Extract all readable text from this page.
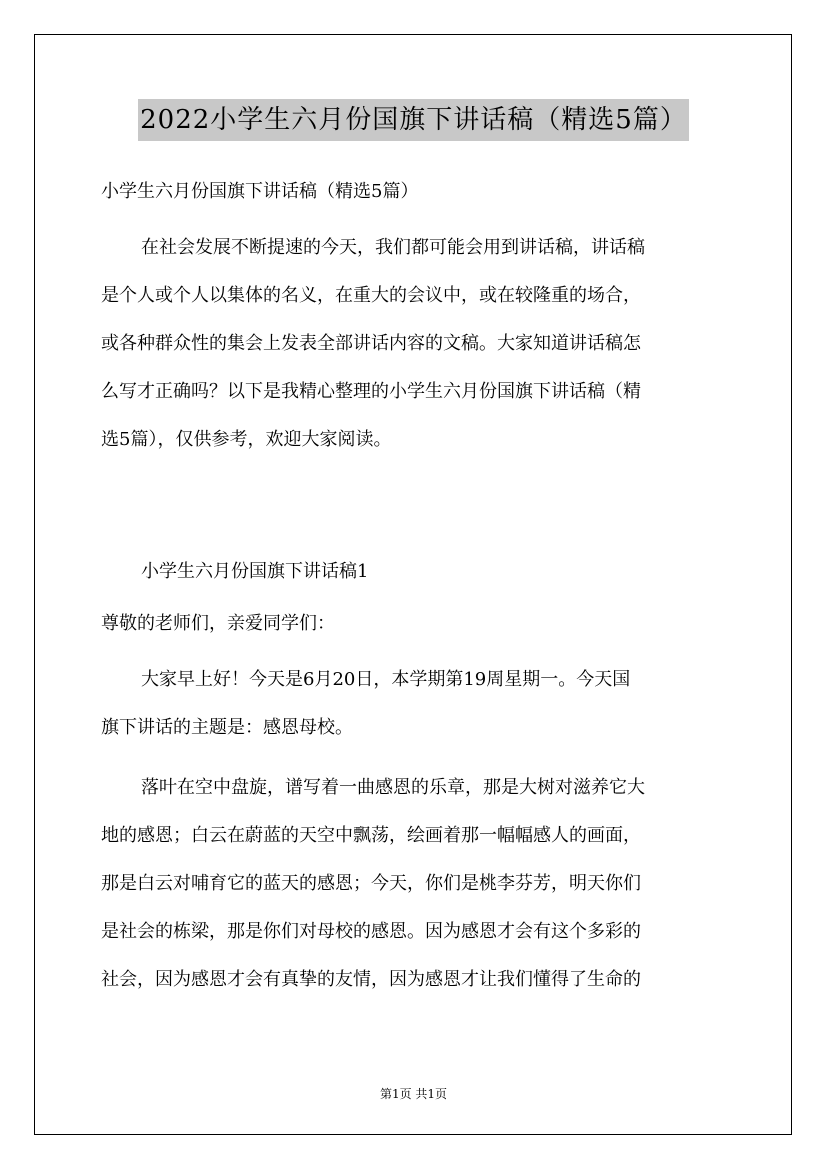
2022小学生六月份国旗下讲话稿（精选5篇）

小学生六月份国旗下讲话稿（精选5篇）

在社会发展不断提速的今天，我们都可能会用到讲话稿，讲话稿
是个人或个人以集体的名义，在重大的会议中，或在较隆重的场合，
或各种群众性的集会上发表全部讲话内容的文稿。大家知道讲话稿怎
么写才正确吗？以下是我精心整理的小学生六月份国旗下讲话稿（精
选5篇），仅供参考，欢迎大家阅读。

小学生六月份国旗下讲话稿1

尊敬的老师们，亲爱同学们：

大家早上好！今天是6月20日，本学期第19周星期一。今天国
旗下讲话的主题是：感恩母校。

落叶在空中盘旋，谱写着一曲感恩的乐章，那是大树对滋养它大
地的感恩；白云在蔚蓝的天空中飘荡，绘画着那一幅幅感人的画面，
那是白云对哺育它的蓝天的感恩；今天，你们是桃李芬芳，明天你们
是社会的栋梁，那是你们对母校的感恩。因为感恩才会有这个多彩的
社会，因为感恩才会有真挚的友情，因为感恩才让我们懂得了生命的

第1页 共1页
